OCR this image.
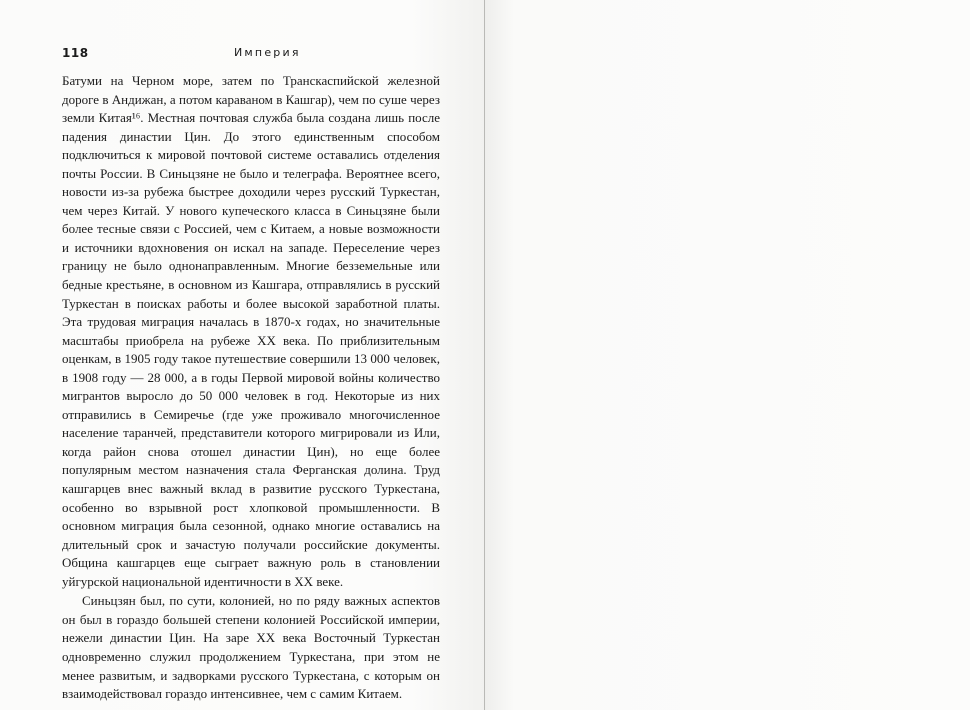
118	Империя

Батуми на Черном море, затем по Транскаспийской железной дороге в Андижан, а потом караваном в Кашгар), чем по суше через земли Китая¹⁶. Местная почтовая служба была создана лишь после падения династии Цин. До этого единственным способом подключиться к мировой почтовой системе оставались отделения почты России. В Синьцзяне не было и телеграфа. Вероятнее всего, новости из-за рубежа быстрее доходили через русский Туркестан, чем через Китай. У нового купеческого класса в Синьцзяне были более тесные связи с Россией, чем с Китаем, а новые возможности и источники вдохновения он искал на западе. Переселение через границу не было однонаправленным. Многие безземельные или бедные крестьяне, в основном из Кашгара, отправлялись в русский Туркестан в поисках работы и более высокой заработной платы. Эта трудовая миграция началась в 1870-х годах, но значительные масштабы приобрела на рубеже XX века. По приблизительным оценкам, в 1905 году такое путешествие совершили 13 000 человек, в 1908 году — 28 000, а в годы Первой мировой войны количество мигрантов выросло до 50 000 человек в год. Некоторые из них отправились в Семиречье (где уже проживало многочисленное население таранчей, представители которого мигрировали из Или, когда район снова отошел династии Цин), но еще более популярным местом назначения стала Ферганская долина. Труд кашгарцев внес важный вклад в развитие русского Туркестана, особенно во взрывной рост хлопковой промышленности. В основном миграция была сезонной, однако многие оставались на длительный срок и зачастую получали российские документы. Община кашгарцев еще сыграет важную роль в становлении уйгурской национальной идентичности в XX веке.

Синьцзян был, по сути, колонией, но по ряду важных аспектов он был в гораздо большей степени колонией Российской империи, нежели династии Цин. На заре XX века Восточный Туркестан одновременно служил продолжением Туркестана, при этом не менее развитым, и задворками русского Туркестана, с которым он взаимодействовал гораздо интенсивнее, чем с самим Китаем.
